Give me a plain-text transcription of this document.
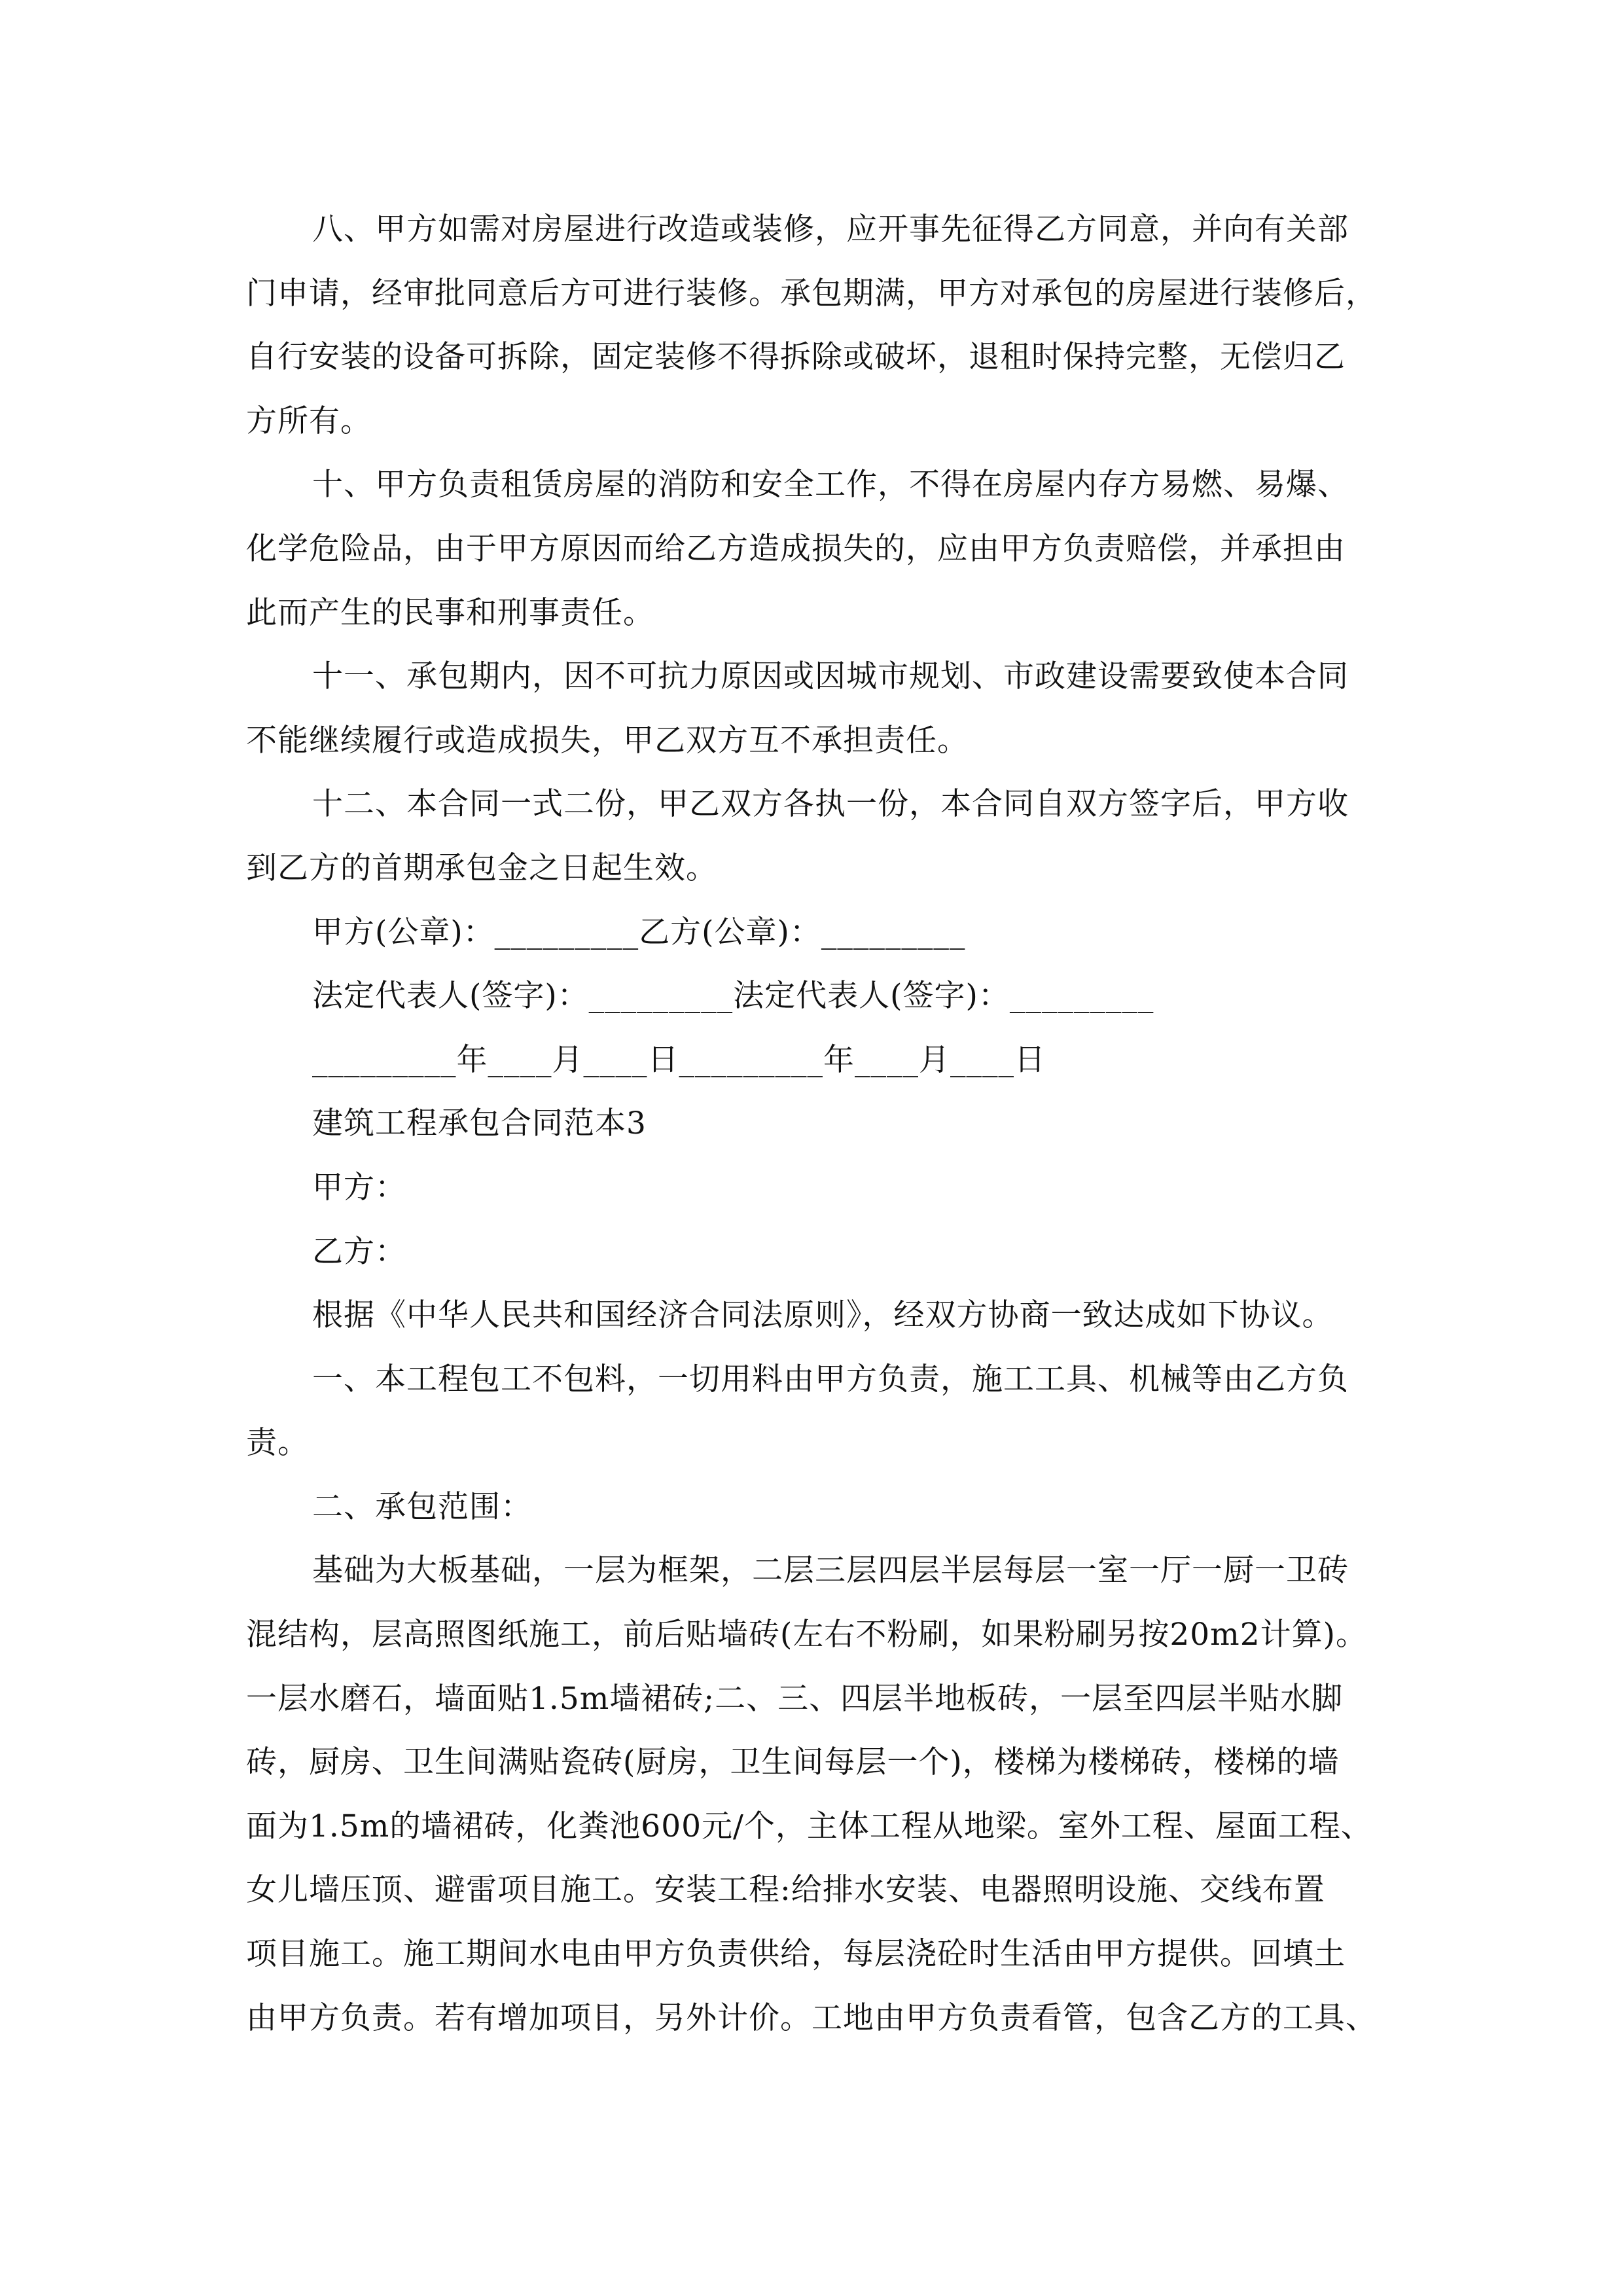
八、甲方如需对房屋进行改造或装修，应开事先征得乙方同意，并向有关部
门申请，经审批同意后方可进行装修。承包期满，甲方对承包的房屋进行装修后，
自行安装的设备可拆除，固定装修不得拆除或破坏，退租时保持完整，无偿归乙
方所有。
十、甲方负责租赁房屋的消防和安全工作，不得在房屋内存方易燃、易爆、
化学危险品，由于甲方原因而给乙方造成损失的，应由甲方负责赔偿，并承担由
此而产生的民事和刑事责任。
十一、承包期内，因不可抗力原因或因城市规划、市政建设需要致使本合同
不能继续履行或造成损失，甲乙双方互不承担责任。
十二、本合同一式二份，甲乙双方各执一份，本合同自双方签字后，甲方收
到乙方的首期承包金之日起生效。
甲方(公章)：_________乙方(公章)：_________
法定代表人(签字)：_________法定代表人(签字)：_________
_________年____月____日_________年____月____日
建筑工程承包合同范本3
甲方：
乙方：
根据《中华人民共和国经济合同法原则》，经双方协商一致达成如下协议。
一、本工程包工不包料，一切用料由甲方负责，施工工具、机械等由乙方负
责。
二、承包范围：
基础为大板基础，一层为框架，二层三层四层半层每层一室一厅一厨一卫砖
混结构，层高照图纸施工，前后贴墙砖(左右不粉刷，如果粉刷另按20m2计算)。
一层水磨石，墙面贴1.5m墙裙砖;二、三、四层半地板砖，一层至四层半贴水脚
砖，厨房、卫生间满贴瓷砖(厨房，卫生间每层一个)，楼梯为楼梯砖，楼梯的墙
面为1.5m的墙裙砖，化粪池600元/个，主体工程从地梁。室外工程、屋面工程、
女儿墙压顶、避雷项目施工。安装工程:给排水安装、电器照明设施、交线布置
项目施工。施工期间水电由甲方负责供给，每层浇砼时生活由甲方提供。回填土
由甲方负责。若有增加项目，另外计价。工地由甲方负责看管，包含乙方的工具、
